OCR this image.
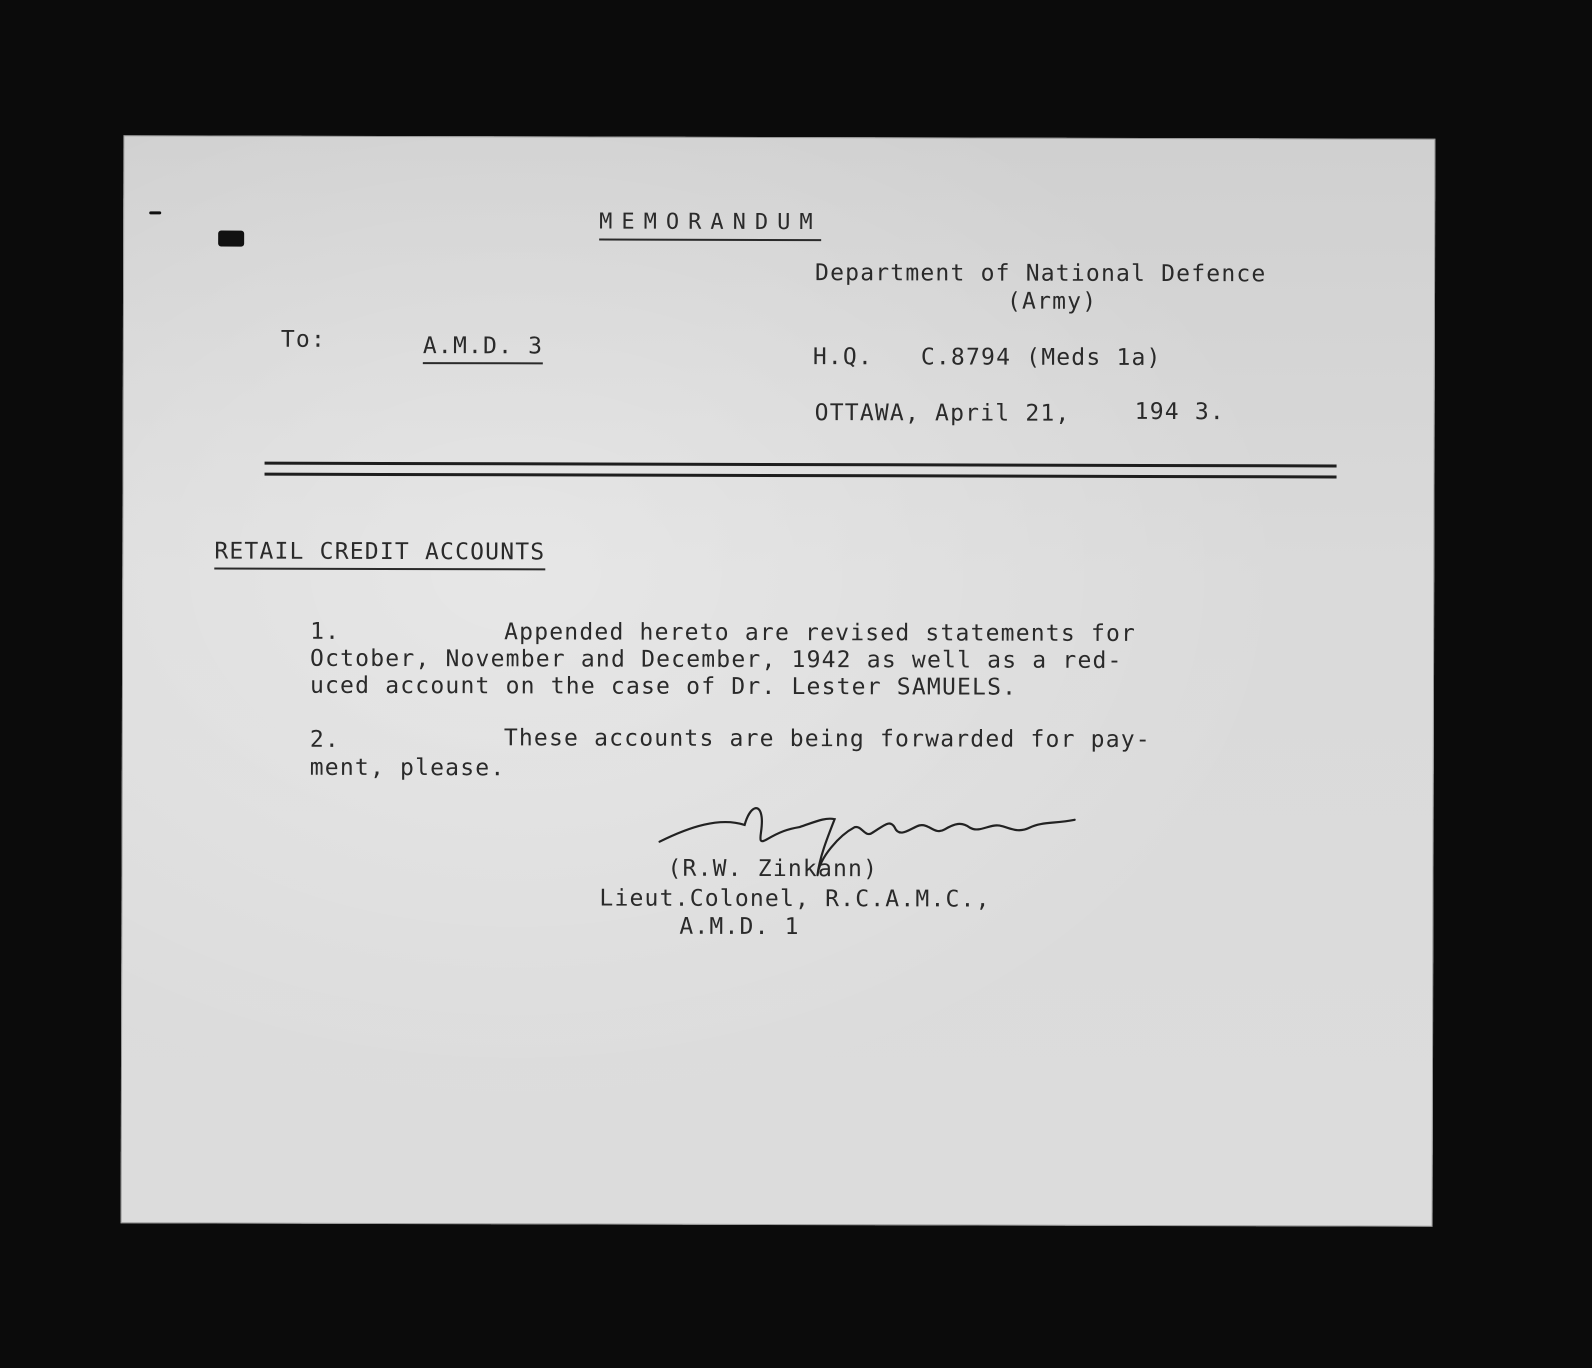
MEMORANDUM
Department of National Defence
(Army)
To:	A.M.D. 3	H.Q. C.8794 (Meds 1a)
OTTAWA, April 21,	194 3.
RETAIL CREDIT ACCOUNTS
1.	Appended hereto are revised statements for
October, November and December, 1942 as well as a red-
uced account on the case of Dr. Lester SAMUELS.
2.	These accounts are being forwarded for pay-
ment, please.
(R.W. Zinkann)
Lieut.Colonel, R.C.A.M.C.,
A.M.D. 1
